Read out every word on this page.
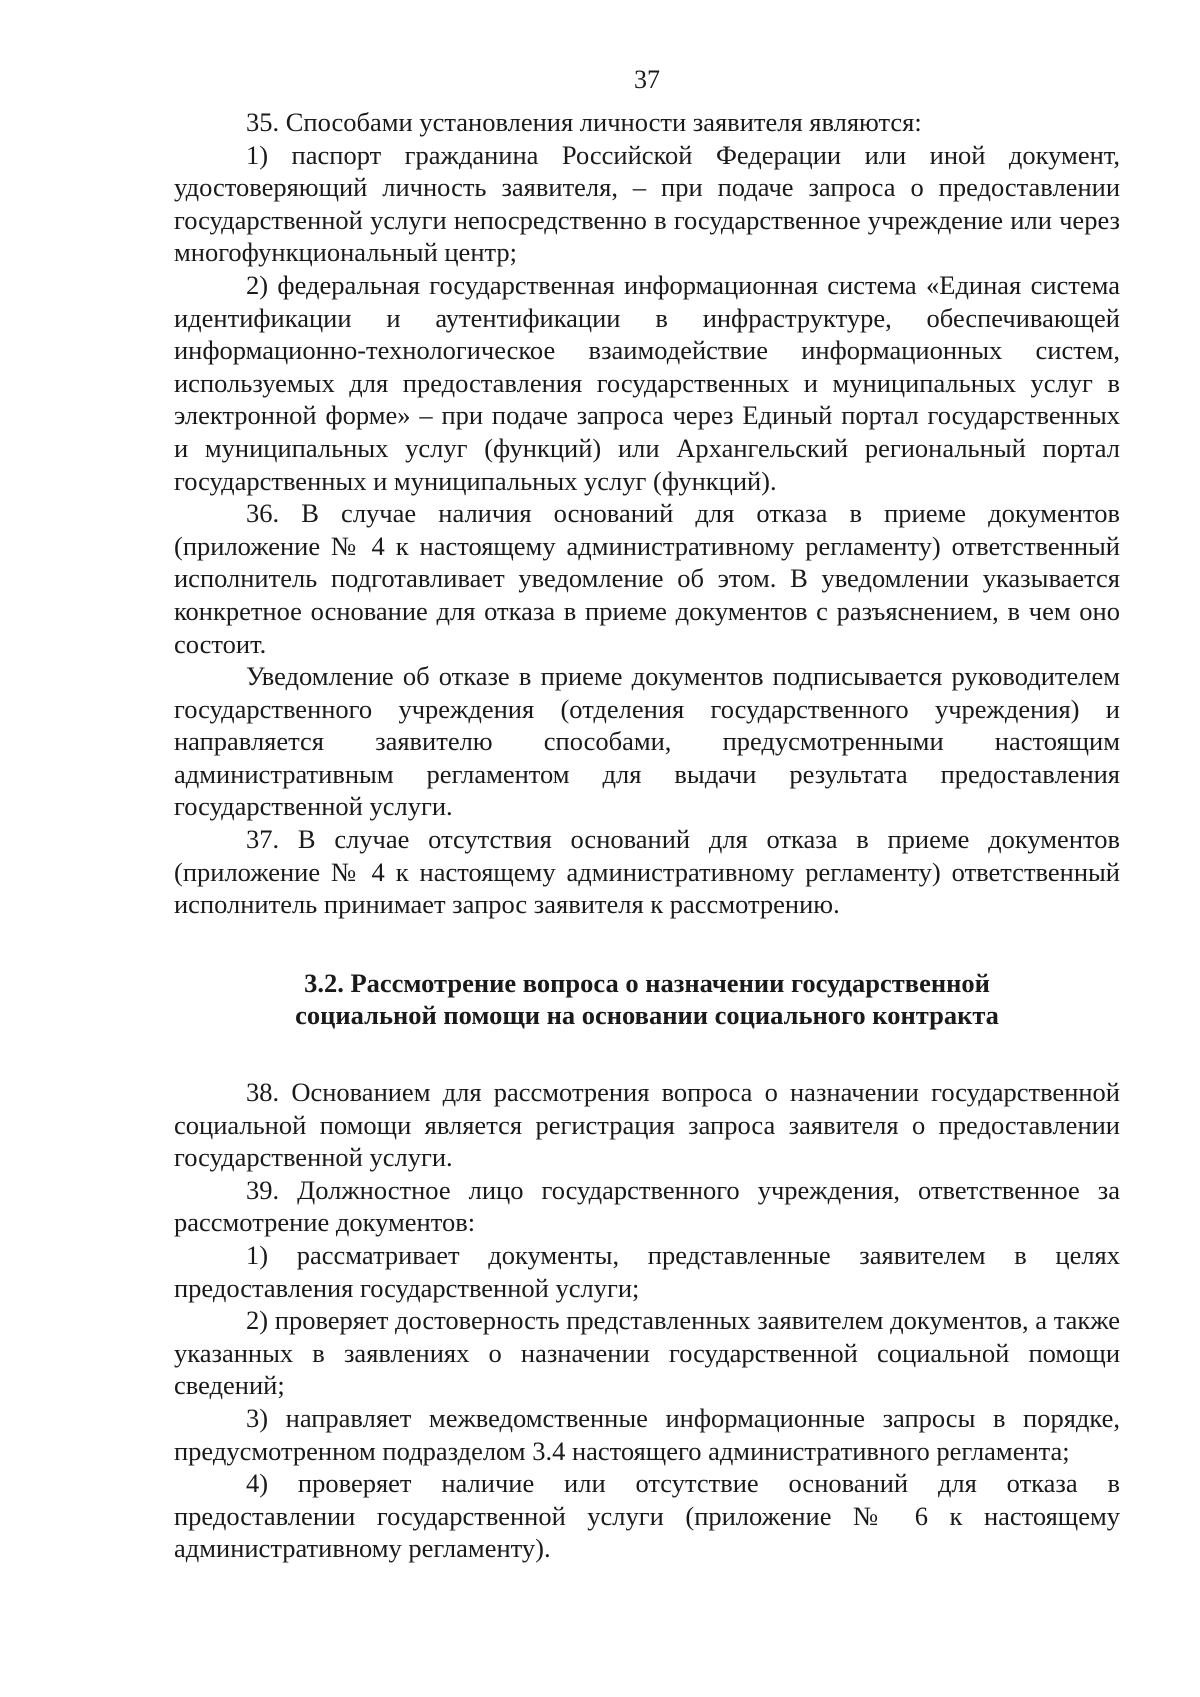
37

35. Способами установления личности заявителя являются:

1) паспорт гражданина Российской Федерации или иной документ, удостоверяющий личность заявителя, – при подаче запроса о предоставлении государственной услуги непосредственно в государственное учреждение или через многофункциональный центр;

2) федеральная государственная информационная система «Единая система идентификации и аутентификации в инфраструктуре, обеспечивающей информационно-технологическое взаимодействие информационных систем, используемых для предоставления государственных и муниципальных услуг в электронной форме» – при подаче запроса через Единый портал государственных и муниципальных услуг (функций) или Архангельский региональный портал государственных и муниципальных услуг (функций).

36. В случае наличия оснований для отказа в приеме документов (приложение № 4 к настоящему административному регламенту) ответственный исполнитель подготавливает уведомление об этом. В уведомлении указывается конкретное основание для отказа в приеме документов с разъяснением, в чем оно состоит.

Уведомление об отказе в приеме документов подписывается руководителем государственного учреждения (отделения государственного учреждения) и направляется заявителю способами, предусмотренными настоящим административным регламентом для выдачи результата предоставления государственной услуги.

37. В случае отсутствия оснований для отказа в приеме документов (приложение № 4 к настоящему административному регламенту) ответственный исполнитель принимает запрос заявителя к рассмотрению.

3.2. Рассмотрение вопроса о назначении государственной

социальной помощи на основании социального контракта

38. Основанием для рассмотрения вопроса о назначении государственной социальной помощи является регистрация запроса заявителя о предоставлении государственной услуги.

39. Должностное лицо государственного учреждения, ответственное за рассмотрение документов:

1) рассматривает документы, представленные заявителем в целях предоставления государственной услуги;

2) проверяет достоверность представленных заявителем документов, а также указанных в заявлениях о назначении государственной социальной помощи сведений;

3) направляет межведомственные информационные запросы в порядке, предусмотренном подразделом 3.4 настоящего административного регламента;

4) проверяет наличие или отсутствие оснований для отказа в предоставлении государственной услуги (приложение № 6 к настоящему административному регламенту).
